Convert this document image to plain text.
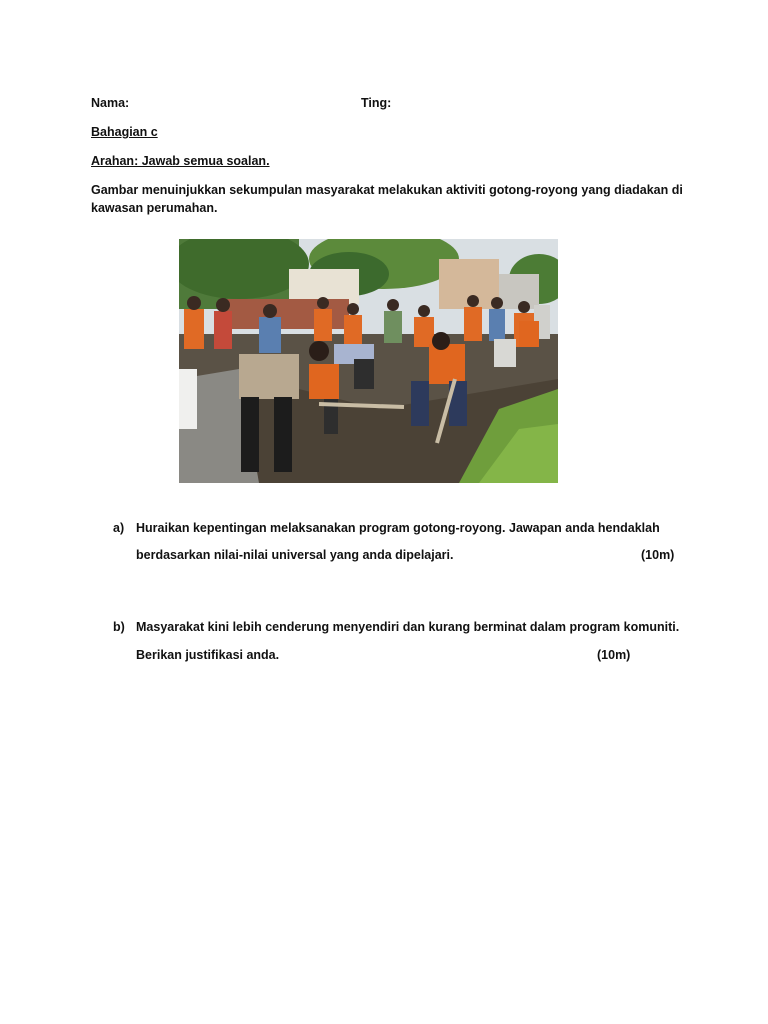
Nama:	Ting:
Bahagian c
Arahan: Jawab semua soalan.
Gambar menuinjukkan sekumpulan masyarakat melakukan aktiviti gotong-royong yang diadakan di
kawasan perumahan.
a) Huraikan kepentingan melaksanakan program gotong-royong. Jawapan anda hendaklah
berdasarkan nilai-nilai universal yang anda dipelajari.	(10m)
b) Masyarakat kini lebih cenderung menyendiri dan kurang berminat dalam program komuniti.
Berikan justifikasi anda.	(10m)
